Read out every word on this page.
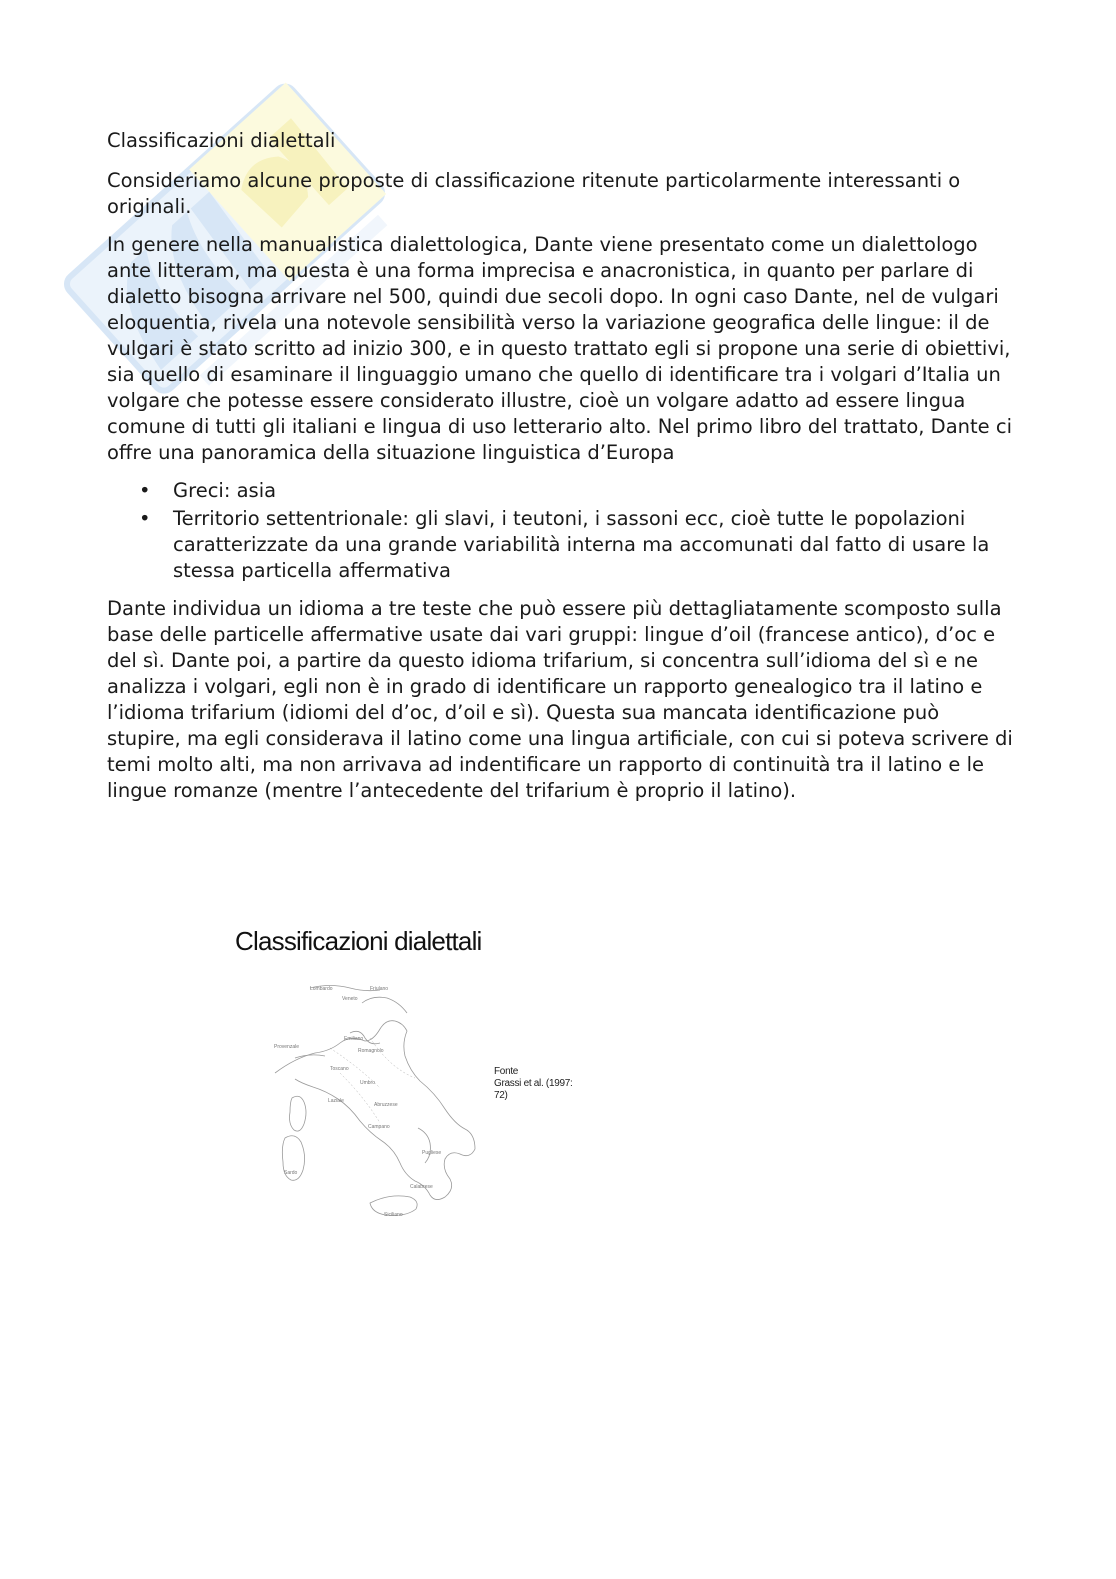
Classificazioni dialettali

Consideriamo alcune proposte di classificazione ritenute particolarmente interessanti o originali.

In genere nella manualistica dialettologica, Dante viene presentato come un dialettologo ante litteram, ma questa è una forma imprecisa e anacronistica, in quanto per parlare di dialetto bisogna arrivare nel 500, quindi due secoli dopo. In ogni caso Dante, nel de vulgari eloquentia, rivela una notevole sensibilità verso la variazione geografica delle lingue: il de vulgari è stato scritto ad inizio 300, e in questo trattato egli si propone una serie di obiettivi, sia quello di esaminare il linguaggio umano che quello di identificare tra i volgari d’Italia un volgare che potesse essere considerato illustre, cioè un volgare adatto ad essere lingua comune di tutti gli italiani e lingua di uso letterario alto. Nel primo libro del trattato, Dante ci offre una panoramica della situazione linguistica d’Europa

• Greci: asia
• Territorio settentrionale: gli slavi, i teutoni, i sassoni ecc, cioè tutte le popolazioni caratterizzate da una grande variabilità interna ma accomunati dal fatto di usare la stessa particella affermativa

Dante individua un idioma a tre teste che può essere più dettagliatamente scomposto sulla base delle particelle affermative usate dai vari gruppi: lingue d’oil (francese antico), d’oc e del sì. Dante poi, a partire da questo idioma trifarium, si concentra sull’idioma del sì e ne analizza i volgari, egli non è in grado di identificare un rapporto genealogico tra il latino e l’idioma trifarium (idiomi del d’oc, d’oil e sì). Questa sua mancata identificazione può stupire, ma egli considerava il latino come una lingua artificiale, con cui si poteva scrivere di temi molto alti, ma non arrivava ad indentificare un rapporto di continuità tra il latino e le lingue romanze (mentre l’antecedente del trifarium è proprio il latino).

Classificazioni dialettali
Lombardo	Friulano
Veneto
Provenzale
Emiliano
Romagnolo
Toscano
Umbro
Laziale
Abruzzese
Campano
Sardo
Pugliese
Calabrese
Siciliano
Fonte
Grassi et al. (1997:
72)
